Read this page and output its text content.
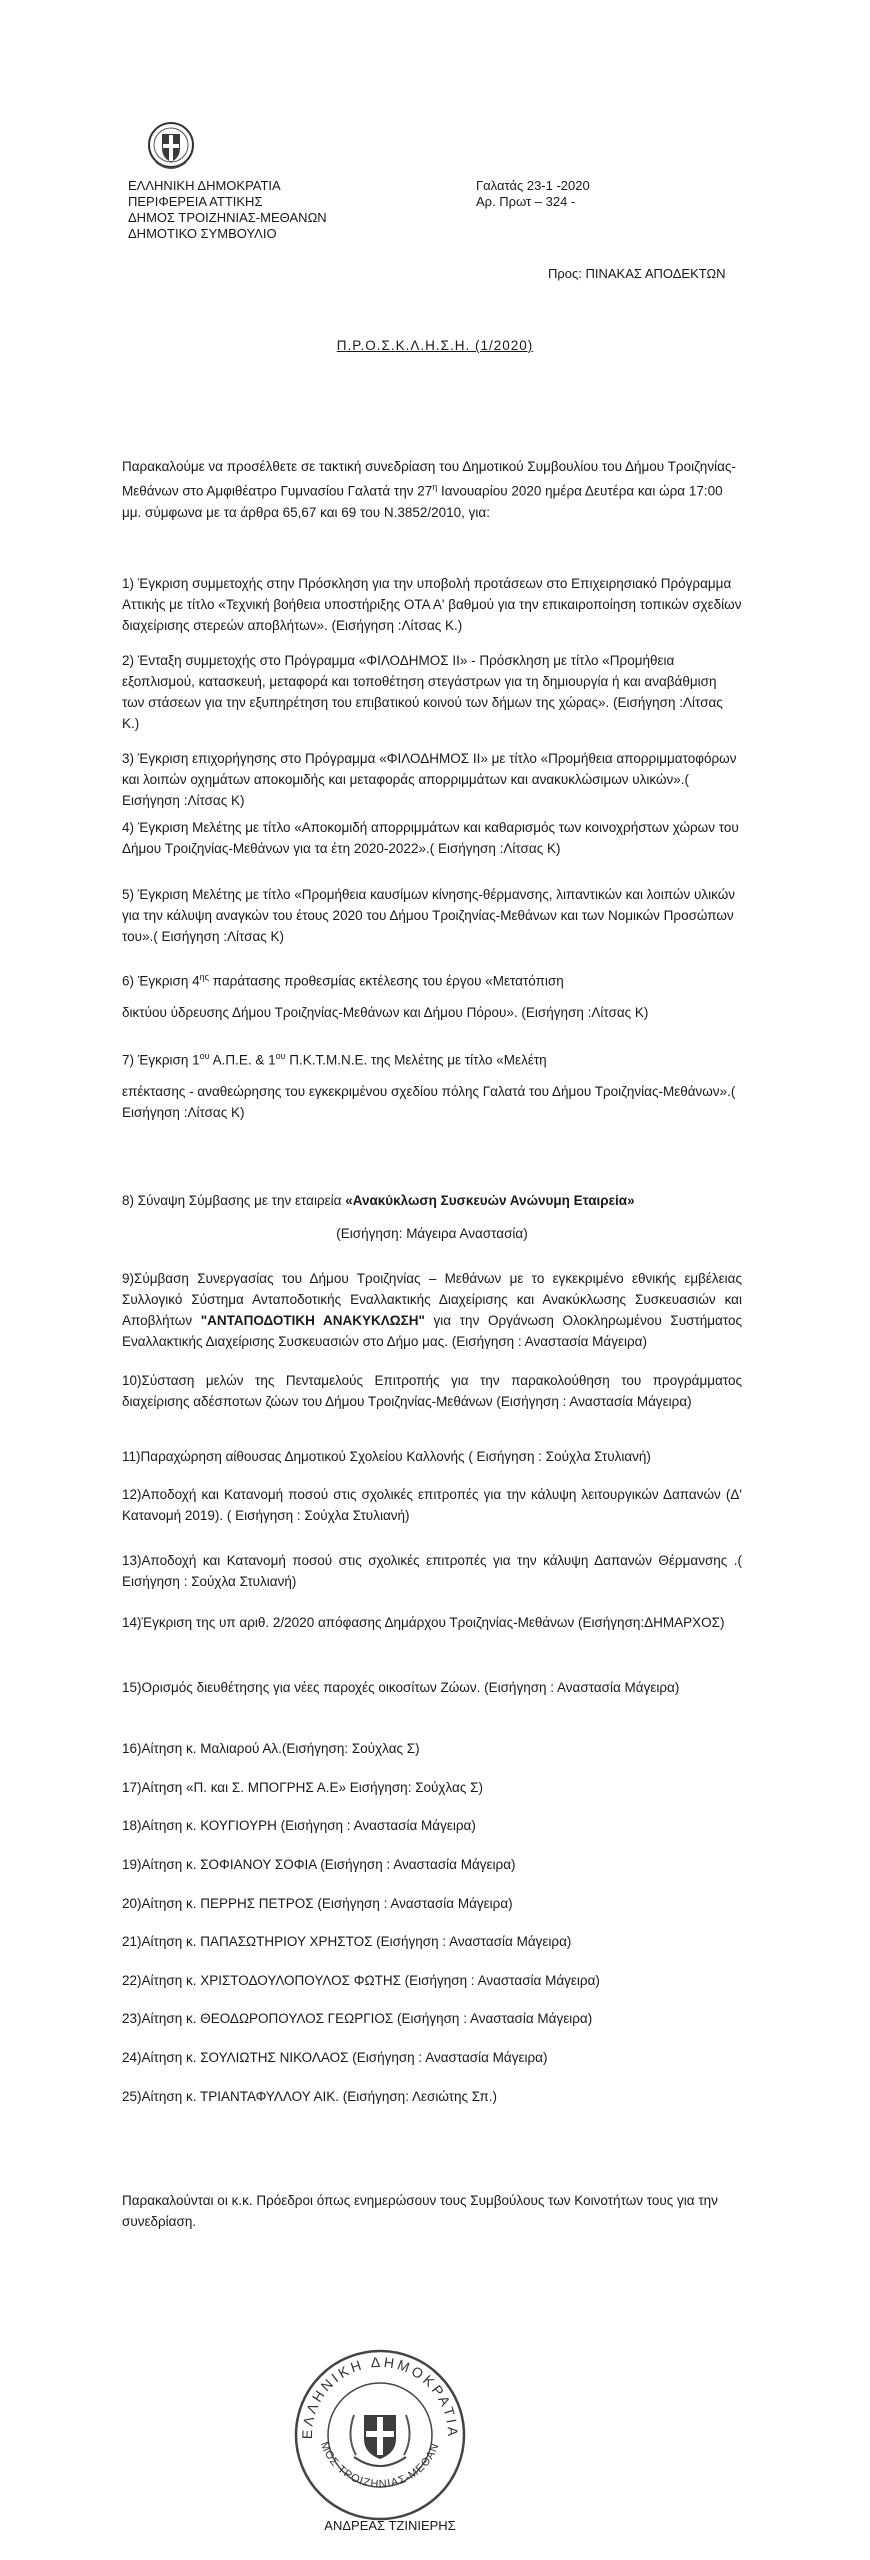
ΕΛΛΗΝΙΚΗ ΔΗΜΟΚΡΑΤΙΑ
ΠΕΡΙΦΕΡΕΙΑ ΑΤΤΙΚΗΣ
ΔΗΜΟΣ ΤΡΟΙΖΗΝΙΑΣ-ΜΕΘΑΝΩΝ
ΔΗΜΟΤΙΚΟ ΣΥΜΒΟΥΛΙΟ
Γαλατάς 23-1 -2020
Αρ. Πρωτ – 324 -
Προς: ΠΙΝΑΚΑΣ ΑΠΟΔΕΚΤΩΝ
Π.Ρ.Ο.Σ.Κ.Λ.Η.Σ.Η. (1/2020)
Παρακαλούμε να προσέλθετε σε τακτική συνεδρίαση του Δημοτικού Συμβουλίου του Δήμου Τροιζηνίας-Μεθάνων στο Αμφιθέατρο Γυμνασίου Γαλατά την $27^\eta$ Ιανουαρίου 2020 ημέρα Δευτέρα και ώρα 17:00 μμ. σύμφωνα με τα άρθρα 65,67 και 69 του Ν.3852/2010, για:
1) Έγκριση συμμετοχής στην Πρόσκληση για την υποβολή προτάσεων στο Επιχειρησιακό Πρόγραμμα Αττικής με τίτλο «Τεχνική βοήθεια υποστήριξης ΟΤΑ Α' βαθμού για την επικαιροποίηση τοπικών σχεδίων διαχείρισης στερεών αποβλήτων». (Εισήγηση :Λίτσας Κ.)
2) Ένταξη συμμετοχής στο Πρόγραμμα «ΦΙΛΟΔΗΜΟΣ ΙΙ» - Πρόσκληση με τίτλο «Προμήθεια εξοπλισμού, κατασκευή, μεταφορά και τοποθέτηση στεγάστρων για τη δημιουργία ή και αναβάθμιση των στάσεων για την εξυπηρέτηση του επιβατικού κοινού των δήμων της χώρας». (Εισήγηση :Λίτσας Κ.)
3) Έγκριση επιχορήγησης στο Πρόγραμμα «ΦΙΛΟΔΗΜΟΣ ΙΙ» με τίτλο «Προμήθεια απορριμματοφόρων και λοιπών οχημάτων αποκομιδής και μεταφοράς απορριμμάτων και ανακυκλώσιμων υλικών».( Εισήγηση :Λίτσας Κ)
4) Έγκριση Μελέτης με τίτλο «Αποκομιδή απορριμμάτων και καθαρισμός των κοινοχρήστων χώρων του Δήμου Τροιζηνίας-Μεθάνων για τα έτη 2020-2022».( Εισήγηση :Λίτσας Κ)
5) Έγκριση Μελέτης με τίτλο «Προμήθεια καυσίμων κίνησης-θέρμανσης, λιπαντικών και λοιπών υλικών για την κάλυψη αναγκών του έτους 2020 του Δήμου Τροιζηνίας-Μεθάνων και των Νομικών Προσώπων του».( Εισήγηση :Λίτσας Κ)
6) Έγκριση $4^{\eta\varsigma}$ παράτασης προθεσμίας εκτέλεσης του έργου «Μετατόπιση
δικτύου ύδρευσης Δήμου Τροιζηνίας-Μεθάνων και Δήμου Πόρου». (Εισήγηση :Λίτσας Κ)
7) Έγκριση $1^{o\upsilon}$ Α.Π.Ε. & $1^{o\upsilon}$ Π.Κ.Τ.Μ.Ν.Ε. της Μελέτης με τίτλο «Μελέτη
επέκτασης - αναθεώρησης του εγκεκριμένου σχεδίου πόλης Γαλατά του Δήμου Τροιζηνίας-Μεθάνων».( Εισήγηση :Λίτσας Κ)
8) Σύναψη Σύμβασης με την εταιρεία «Ανακύκλωση Συσκευών Ανώνυμη Εταιρεία»
(Εισήγηση: Μάγειρα Αναστασία)
9)Σύμβαση Συνεργασίας του Δήμου Τροιζηνίας – Μεθάνων με το εγκεκριμένο εθνικής εμβέλειας Συλλογικό Σύστημα Ανταποδοτικής Εναλλακτικής Διαχείρισης και Ανακύκλωσης Συσκευασιών και Αποβλήτων "ΑΝΤΑΠΟΔΟΤΙΚΗ ΑΝΑΚΥΚΛΩΣΗ" για την Οργάνωση Ολοκληρωμένου Συστήματος Εναλλακτικής Διαχείρισης Συσκευασιών στο Δήμο μας. (Εισήγηση : Αναστασία Μάγειρα)
10)Σύσταση μελών της Πενταμελούς Επιτροπής για την παρακολούθηση του προγράμματος διαχείρισης αδέσποτων ζώων του Δήμου Τροιζηνίας-Μεθάνων (Εισήγηση : Αναστασία Μάγειρα)
11)Παραχώρηση αίθουσας Δημοτικού Σχολείου Καλλονής ( Εισήγηση : Σούχλα Στυλιανή)
12)Αποδοχή και Κατανομή ποσού στις σχολικές επιτροπές για την κάλυψη λειτουργικών Δαπανών (Δ' Κατανομή 2019). ( Εισήγηση : Σούχλα Στυλιανή)
13)Αποδοχή και Κατανομή ποσού στις σχολικές επιτροπές για την κάλυψη Δαπανών Θέρμανσης .( Εισήγηση : Σούχλα Στυλιανή)
14)Έγκριση της υπ αριθ. 2/2020 απόφασης Δημάρχου Τροιζηνίας-Μεθάνων (Εισήγηση:ΔΗΜΑΡΧΟΣ)
15)Ορισμός διευθέτησης για νέες παροχές οικοσίτων Ζώων. (Εισήγηση : Αναστασία Μάγειρα)
16)Αίτηση κ. Μαλιαρού Αλ.(Εισήγηση: Σούχλας Σ)
17)Αίτηση «Π. και Σ. ΜΠΟΓΡΗΣ Α.Ε» Εισήγηση: Σούχλας Σ)
18)Αίτηση κ. ΚΟΥΓΙΟΥΡΗ (Εισήγηση : Αναστασία Μάγειρα)
19)Αίτηση κ. ΣΟΦΙΑΝΟΥ ΣΟΦΙΑ (Εισήγηση : Αναστασία Μάγειρα)
20)Αίτηση κ. ΠΕΡΡΗΣ ΠΕΤΡΟΣ (Εισήγηση : Αναστασία Μάγειρα)
21)Αίτηση κ. ΠΑΠΑΣΩΤΗΡΙΟΥ ΧΡΗΣΤΟΣ (Εισήγηση : Αναστασία Μάγειρα)
22)Αίτηση κ. ΧΡΙΣΤΟΔΟΥΛΟΠΟΥΛΟΣ ΦΩΤΗΣ (Εισήγηση : Αναστασία Μάγειρα)
23)Αίτηση κ. ΘΕΟΔΩΡΟΠΟΥΛΟΣ ΓΕΩΡΓΙΟΣ (Εισήγηση : Αναστασία Μάγειρα)
24)Αίτηση κ. ΣΟΥΛΙΩΤΗΣ ΝΙΚΟΛΑΟΣ (Εισήγηση : Αναστασία Μάγειρα)
25)Αίτηση κ. ΤΡΙΑΝΤΑΦΥΛΛΟΥ ΑΙΚ. (Εισήγηση: Λεσιώτης Σπ.)
Παρακαλούνται οι κ.κ. Πρόεδροι όπως ενημερώσουν τους Συμβούλους των Κοινοτήτων τους για την συνεδρίαση.
ΕΛΛΗΝΙΚΗ ΔΗΜΟΚΡΑΤΙΑ
ΜΟΣ ΤΡΟΙΖΗΝΙΑΣ-ΜΕΘΑΝ
ΑΝΔΡΕΑΣ ΤΖΙΝΙΕΡΗΣ
